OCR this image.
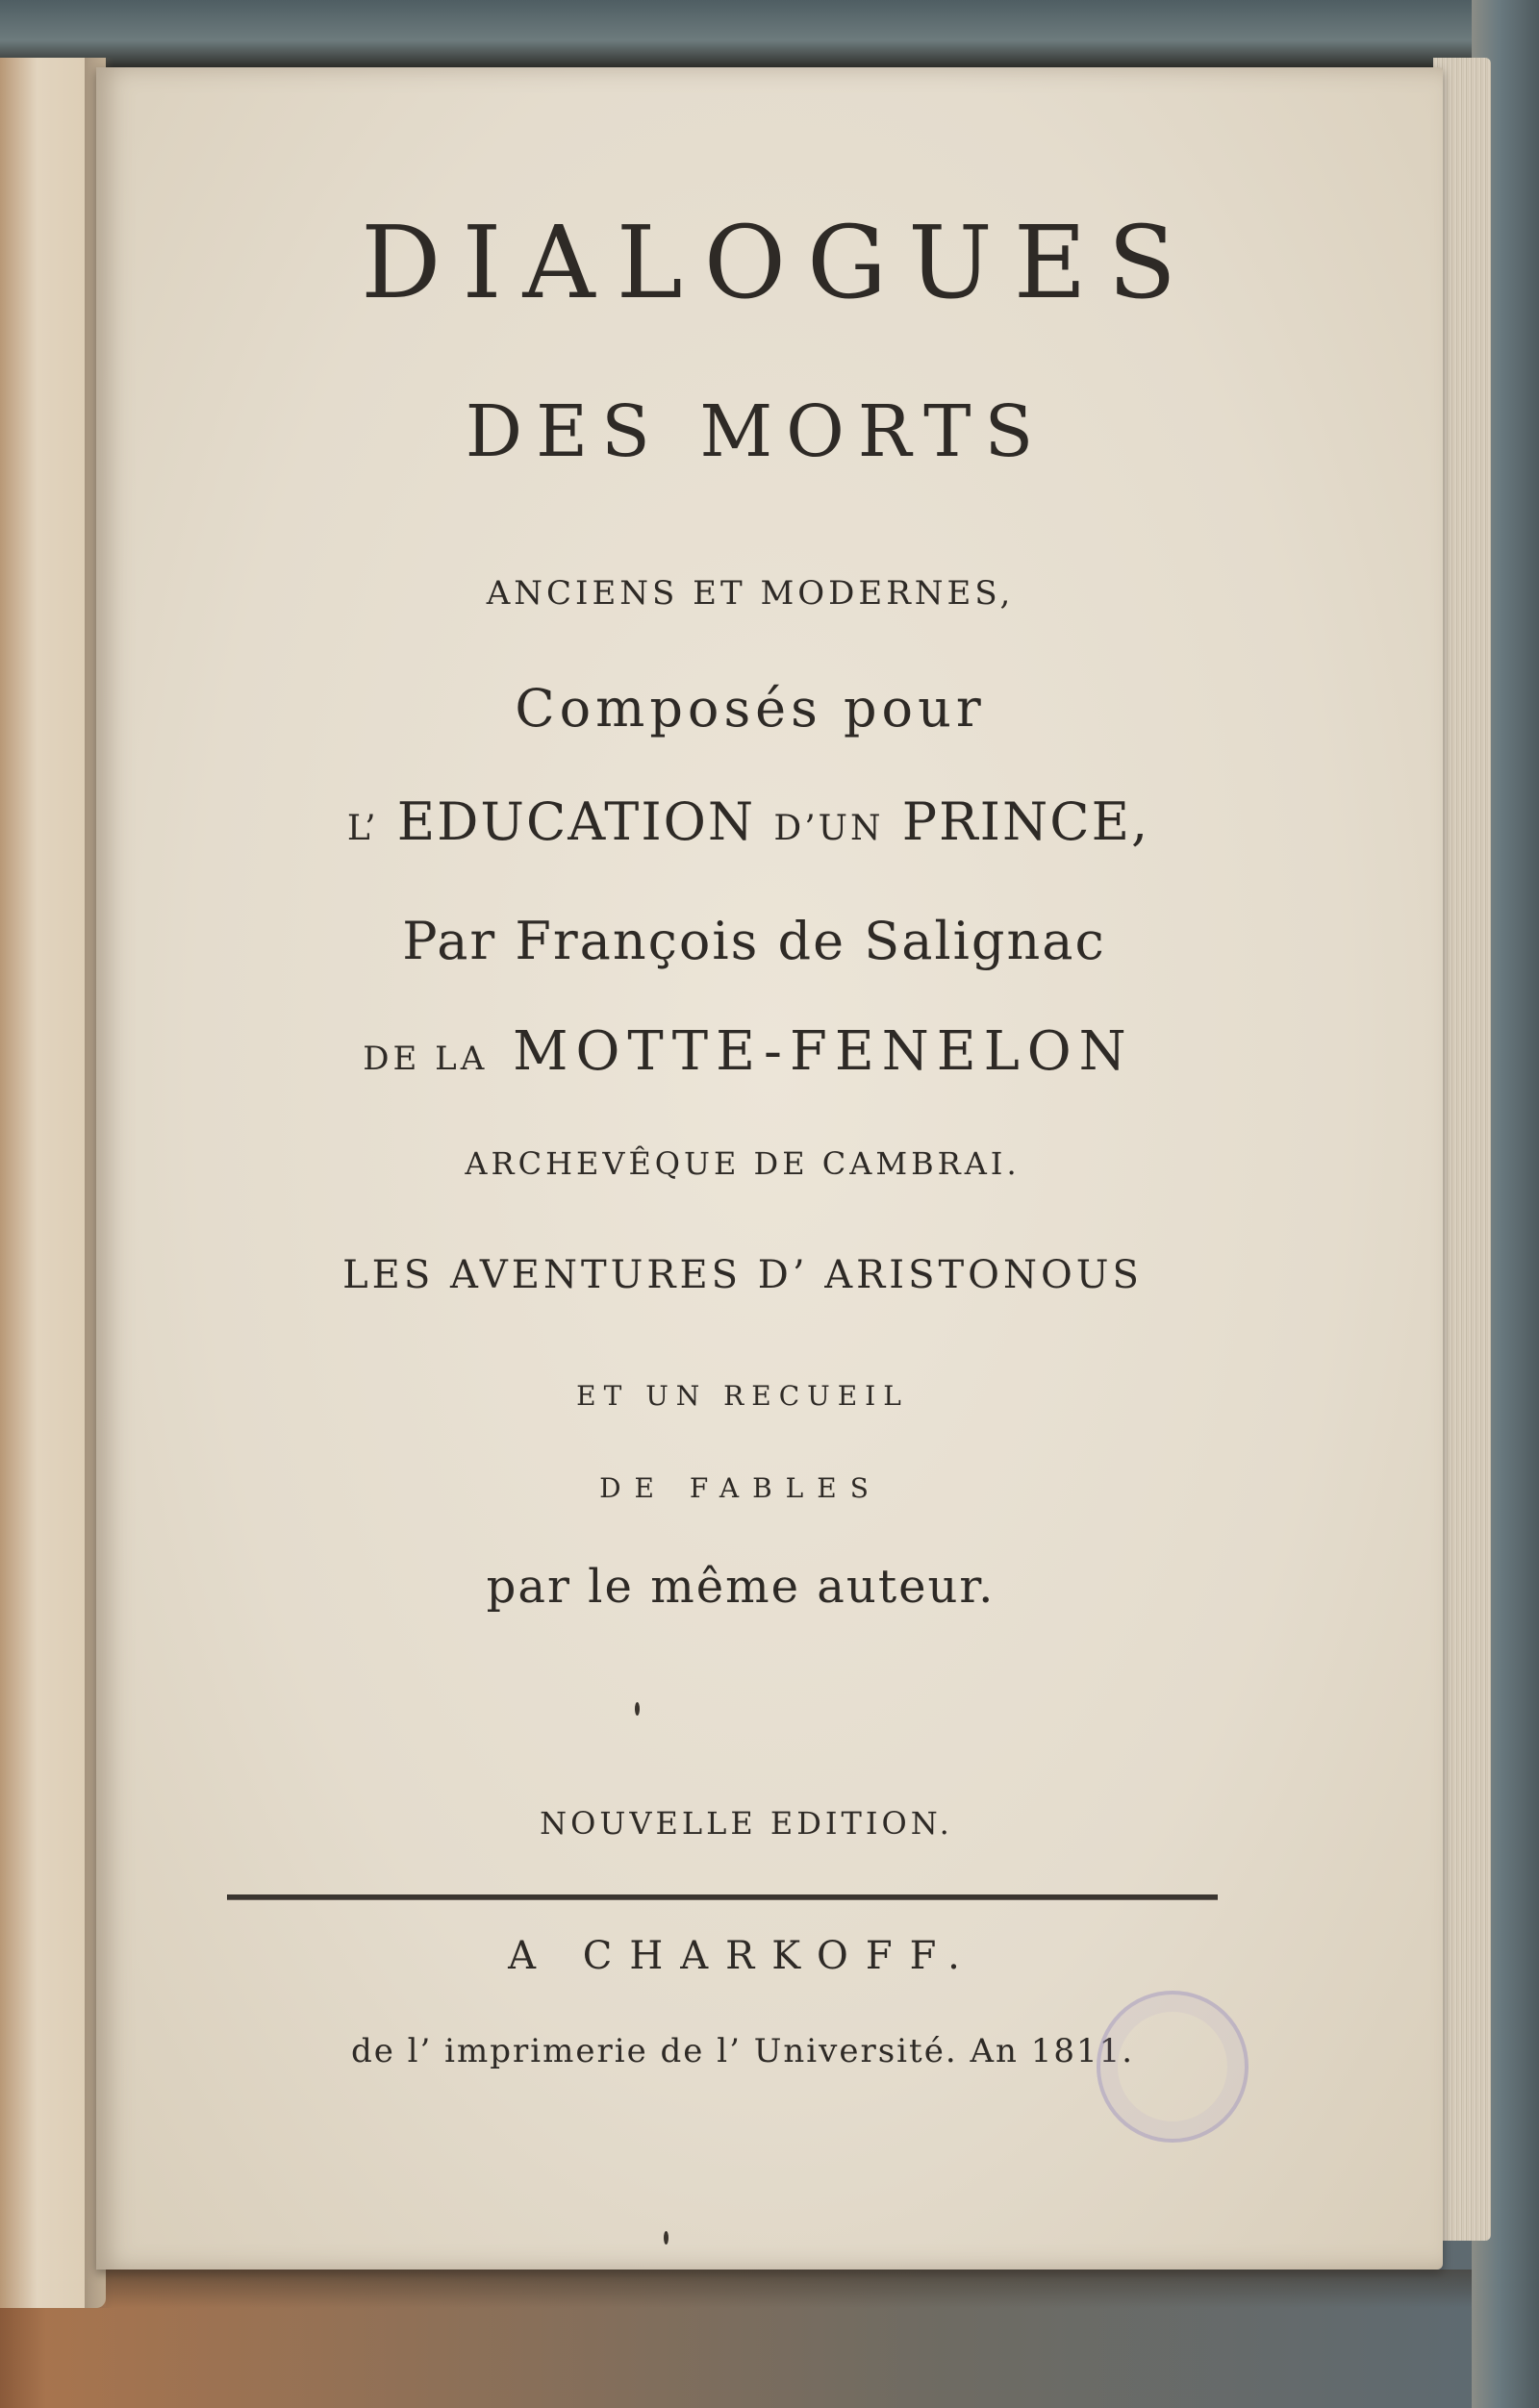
DIALOGUES
DES MORTS
ANCIENS ET MODERNES,
Composés pour
L’ EDUCATION D’UN PRINCE,
Par François de Salignac
DE LA MOTTE-FENELON
ARCHEVÊQUE DE CAMBRAI.
LES AVENTURES D’ ARISTONOUS
ET UN RECUEIL
DE FABLES
par le même auteur.
NOUVELLE EDITION.
A CHARKOFF.
de l’ imprimerie de l’ Université. An 1811.
